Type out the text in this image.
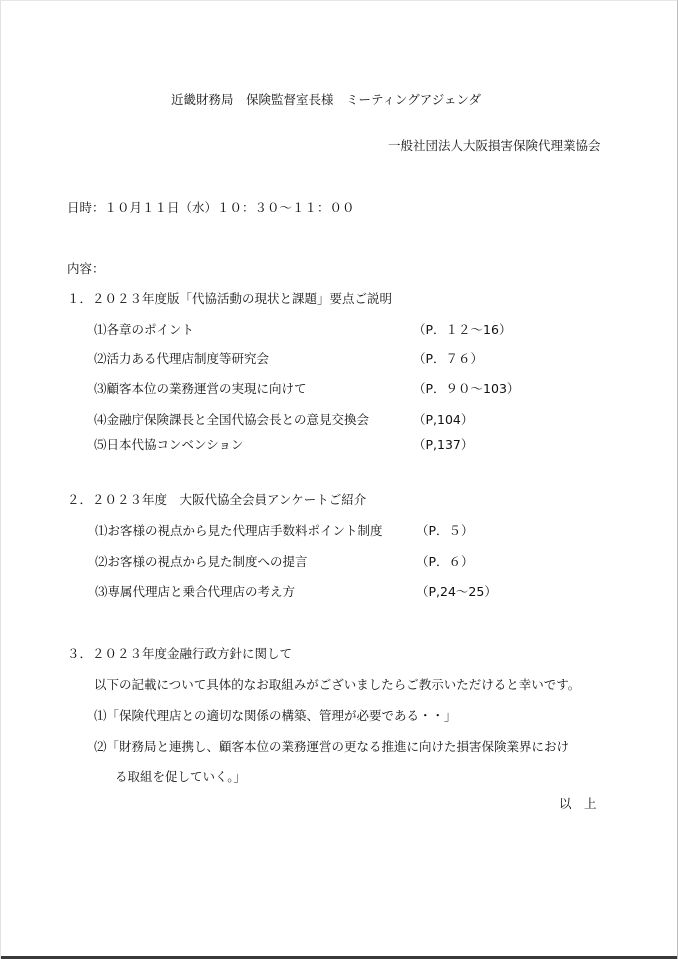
近畿財務局　保険監督室長様　ミーティングアジェンダ
一般社団法人大阪損害保険代理業協会
日時：１０月１１日（水）１０：３０〜１１：００
内容：
１．２０２３年度版「代協活動の現状と課題」要点ご説明
⑴各章のポイント	（P．１２〜16）
⑵活力ある代理店制度等研究会	（P．７６）
⑶顧客本位の業務運営の実現に向けて	（P．９０〜103）
⑷金融庁保険課長と全国代協会長との意見交換会	（P,104）
⑸日本代協コンベンション	（P,137）
２．２０２３年度　大阪代協全会員アンケートご紹介
⑴お客様の視点から見た代理店手数料ポイント制度	（P．５）
⑵お客様の視点から見た制度への提言	（P．６）
⑶専属代理店と乗合代理店の考え方	（P,24〜25）
３．２０２３年度金融行政方針に関して
以下の記載について具体的なお取組みがございましたらご教示いただけると幸いです。
⑴「保険代理店との適切な関係の構築、管理が必要である・・」
⑵「財務局と連携し、顧客本位の業務運営の更なる推進に向けた損害保険業界におけ
る取組を促していく。」
以　上
